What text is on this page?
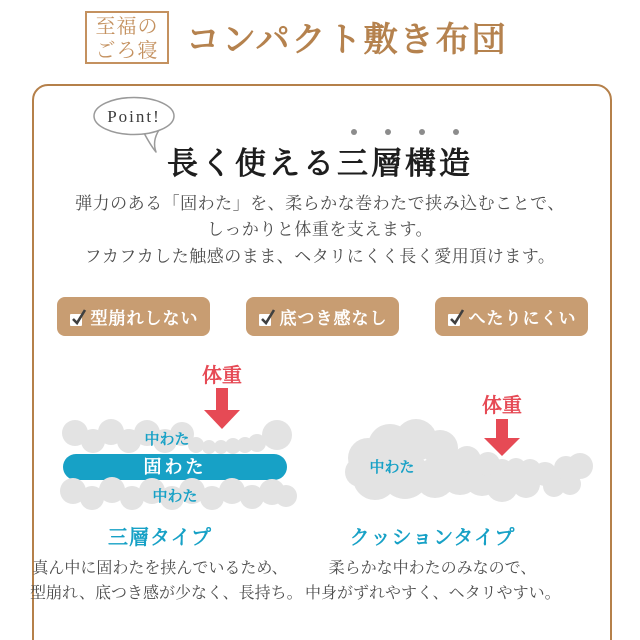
至福の
ごろ寝 コンパクト敷き布団
Point!
長く使える三層構造
弾力のある「固わた」を、柔らかな巻わたで挟み込むことで、
しっかりと体重を支えます。
フカフカした触感のまま、ヘタリにくく長く愛用頂けます。
型崩れしない	底つき感なし	へたりにくい
体重
中わた
固わた
中わた
体重
中わた
三層タイプ
真ん中に固わたを挟んでいるため、
型崩れ、底つき感が少なく、長持ち。
クッションタイプ
柔らかな中わたのみなので、
中身がずれやすく、ヘタリやすい。
